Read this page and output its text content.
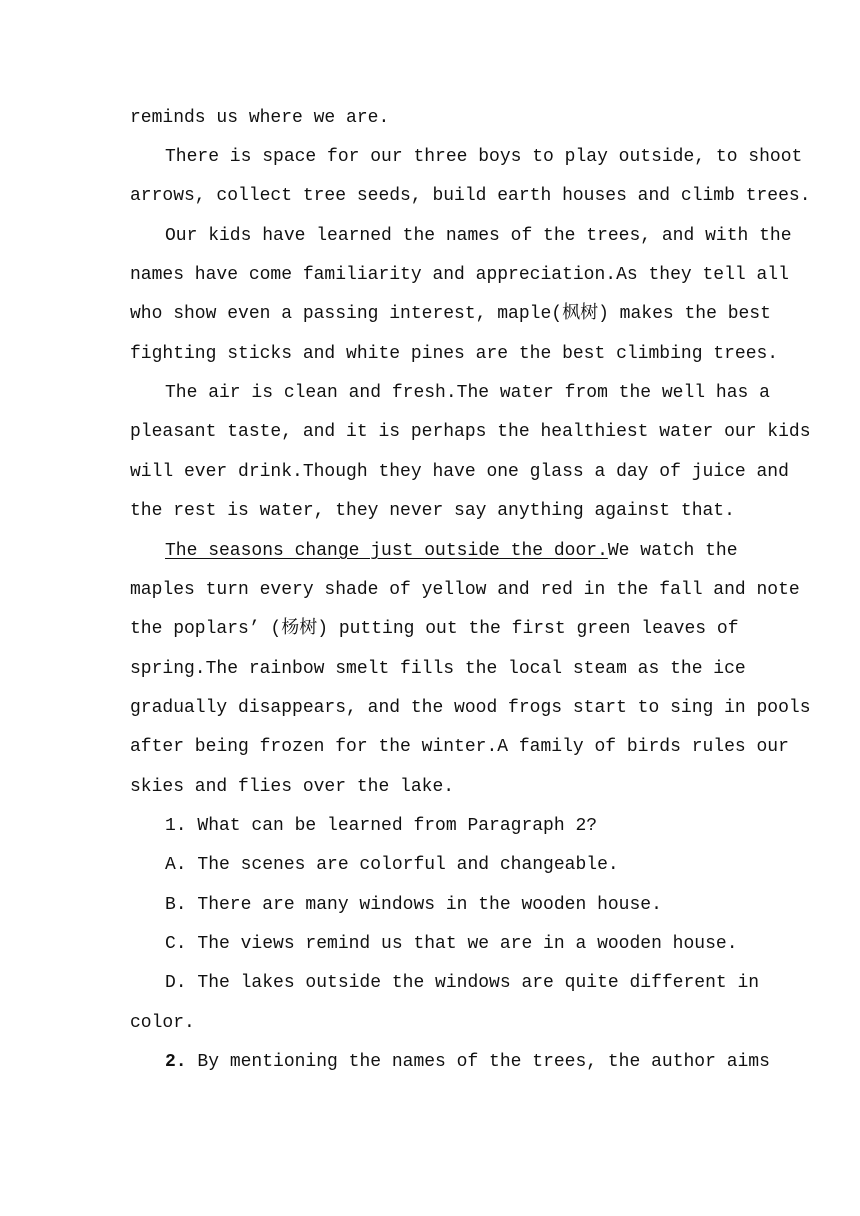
reminds us where we are.
There is space for our three boys to play outside, to shoot
arrows, collect tree seeds, build earth houses and climb trees.
Our kids have learned the names of the trees, and with the
names have come familiarity and appreciation.As they tell all
who show even a passing interest, maple(枫树) makes the best
fighting sticks and white pines are the best climbing trees.
The air is clean and fresh.The water from the well has a
pleasant taste, and it is perhaps the healthiest water our kids
will ever drink.Though they have one glass a day of juice and
the rest is water, they never say anything against that.
The seasons change just outside the door. We watch the
maples turn every shade of yellow and red in the fall and note
the poplars’ (杨树) putting out the first green leaves of
spring.The rainbow smelt fills the local steam as the ice
gradually disappears, and the wood frogs start to sing in pools
after being frozen for the winter.A family of birds rules our
skies and flies over the lake.
1. What can be learned from Paragraph 2?
A. The scenes are colorful and changeable.
B. There are many windows in the wooden house.
C. The views remind us that we are in a wooden house.
D. The lakes outside the windows are quite different in
color.
2. By mentioning the names of the trees, the author aims
